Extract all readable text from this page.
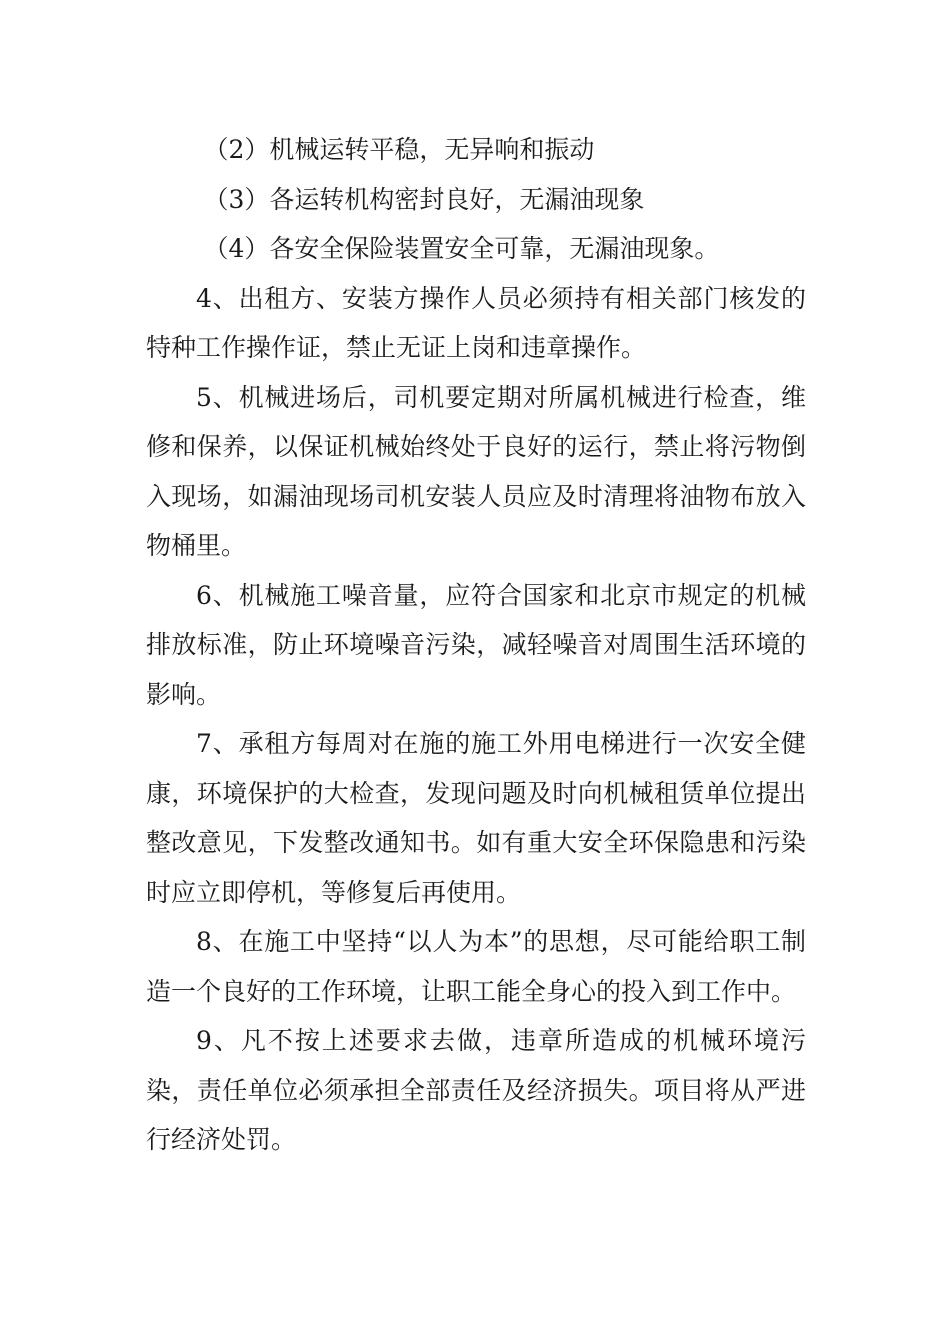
（2）机械运转平稳，无异响和振动

（3）各运转机构密封良好，无漏油现象

（4）各安全保险装置安全可靠，无漏油现象。

4、出租方、安装方操作人员必须持有相关部门核发的特种工作操作证，禁止无证上岗和违章操作。

5、机械进场后，司机要定期对所属机械进行检查，维修和保养，以保证机械始终处于良好的运行，禁止将污物倒入现场，如漏油现场司机安装人员应及时清理将油物布放入物桶里。

6、机械施工噪音量，应符合国家和北京市规定的机械排放标准，防止环境噪音污染，减轻噪音对周围生活环境的影响。

7、承租方每周对在施的施工外用电梯进行一次安全健康，环境保护的大检查，发现问题及时向机械租赁单位提出整改意见，下发整改通知书。如有重大安全环保隐患和污染时应立即停机，等修复后再使用。

8、在施工中坚持“以人为本”的思想，尽可能给职工制造一个良好的工作环境，让职工能全身心的投入到工作中。

9、凡不按上述要求去做，违章所造成的机械环境污染，责任单位必须承担全部责任及经济损失。项目将从严进行经济处罚。
